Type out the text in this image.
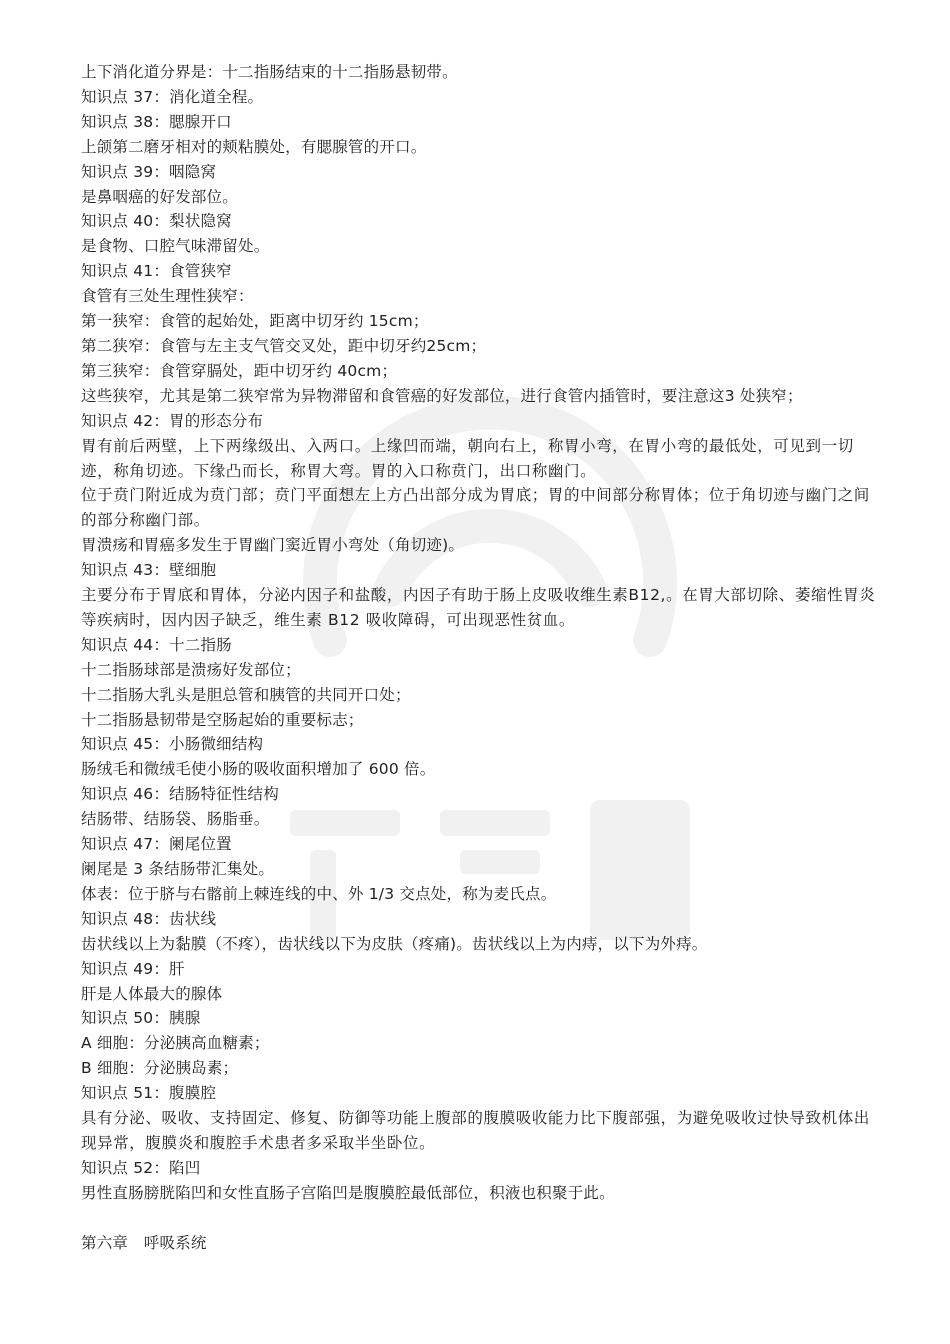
上下消化道分界是：十二指肠结束的十二指肠悬韧带。
知识点 37：消化道全程。
知识点 38：腮腺开口
上颌第二磨牙相对的颊粘膜处，有腮腺管的开口。
知识点 39：咽隐窝
是鼻咽癌的好发部位。
知识点 40：梨状隐窝
是食物、口腔气味滞留处。
知识点 41：食管狭窄
食管有三处生理性狭窄：
第一狭窄：食管的起始处，距离中切牙约 15cm；
第二狭窄：食管与左主支气管交叉处，距中切牙约25cm；
第三狭窄：食管穿膈处，距中切牙约 40cm；
这些狭窄，尤其是第二狭窄常为异物滞留和食管癌的好发部位，进行食管内插管时，要注意这3 处狭窄；
知识点 42：胃的形态分布
胃有前后两壁，上下两缘级出、入两口。上缘凹而端，朝向右上，称胃小弯，在胃小弯的最低处，可见到一切迹，称角切迹。下缘凸而长，称胃大弯。胃的入口称贲门，出口称幽门。
位于贲门附近成为贲门部；贲门平面想左上方凸出部分成为胃底；胃的中间部分称胃体；位于角切迹与幽门之间的部分称幽门部。
胃溃疡和胃癌多发生于胃幽门窦近胃小弯处（角切迹)。
知识点 43：壁细胞
主要分布于胃底和胃体，分泌内因子和盐酸，内因子有助于肠上皮吸收维生素B12,。在胃大部切除、萎缩性胃炎等疾病时，因内因子缺乏，维生素 B12 吸收障碍，可出现恶性贫血。
知识点 44：十二指肠
十二指肠球部是溃疡好发部位；
十二指肠大乳头是胆总管和胰管的共同开口处；
十二指肠悬韧带是空肠起始的重要标志；
知识点 45：小肠微细结构
肠绒毛和微绒毛使小肠的吸收面积增加了 600 倍。
知识点 46：结肠特征性结构
结肠带、结肠袋、肠脂垂。
知识点 47：阑尾位置
阑尾是 3 条结肠带汇集处。
体表：位于脐与右髂前上棘连线的中、外 1/3 交点处，称为麦氏点。
知识点 48：齿状线
齿状线以上为黏膜（不疼），齿状线以下为皮肤（疼痛)。齿状线以上为内痔，以下为外痔。
知识点 49：肝
肝是人体最大的腺体
知识点 50：胰腺
A 细胞：分泌胰高血糖素；
B 细胞：分泌胰岛素；
知识点 51：腹膜腔
具有分泌、吸收、支持固定、修复、防御等功能上腹部的腹膜吸收能力比下腹部强，为避免吸收过快导致机体出现异常，腹膜炎和腹腔手术患者多采取半坐卧位。
知识点 52：陷凹
男性直肠膀胱陷凹和女性直肠子宫陷凹是腹膜腔最低部位，积液也积聚于此。
第六章　呼吸系统
